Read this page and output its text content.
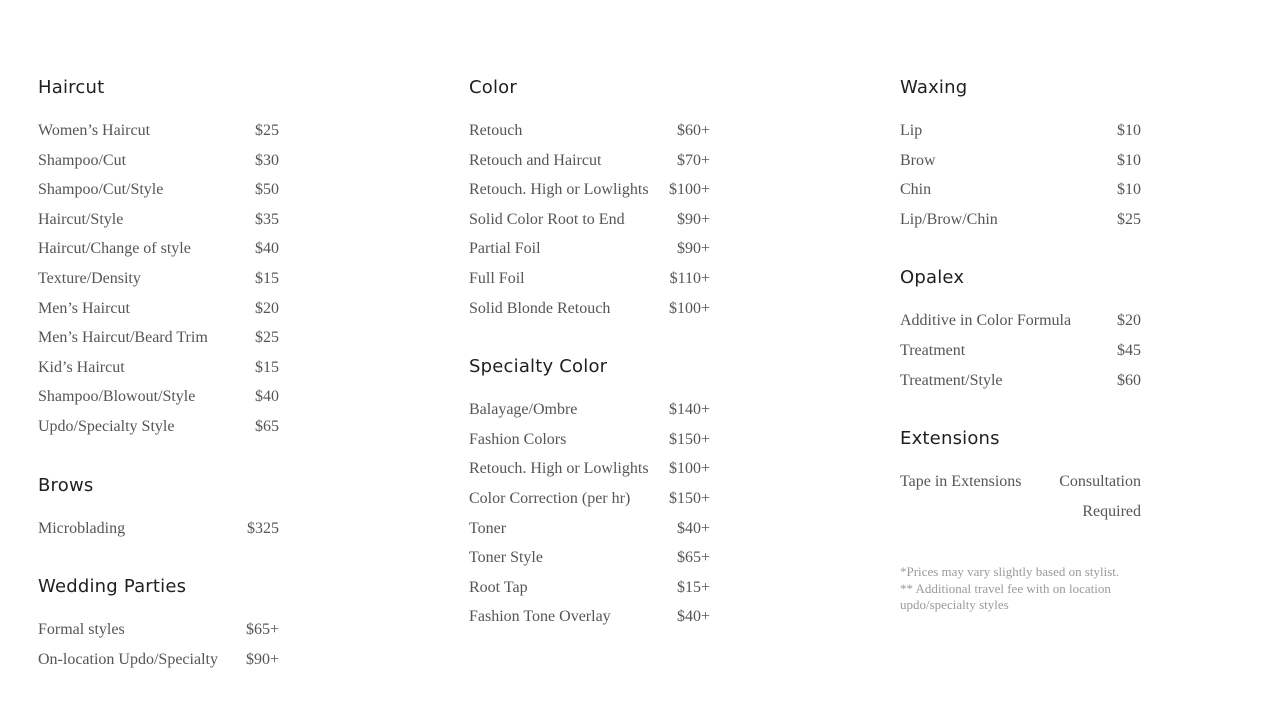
Haircut
Women’s Haircut	$25
Shampoo/Cut	$30
Shampoo/Cut/Style	$50
Haircut/Style	$35
Haircut/Change of style	$40
Texture/Density	$15
Men’s Haircut	$20
Men’s Haircut/Beard Trim	$25
Kid’s Haircut	$15
Shampoo/Blowout/Style	$40
Updo/Specialty Style	$65
Brows
Microblading	$325
Wedding Parties
Formal styles	$65+
On-location Updo/Specialty	$90+
Color
Retouch	$60+
Retouch and Haircut	$70+
Retouch. High or Lowlights	$100+
Solid Color Root to End	$90+
Partial Foil	$90+
Full Foil	$110+
Solid Blonde Retouch	$100+
Specialty Color
Balayage/Ombre	$140+
Fashion Colors	$150+
Retouch. High or Lowlights	$100+
Color Correction (per hr)	$150+
Toner	$40+
Toner Style	$65+
Root Tap	$15+
Fashion Tone Overlay	$40+
Waxing
Lip	$10
Brow	$10
Chin	$10
Lip/Brow/Chin	$25
Opalex
Additive in Color Formula	$20
Treatment	$45
Treatment/Style	$60
Extensions
Tape in Extensions	Consultation Required
*Prices may vary slightly based on stylist.
** Additional travel fee with on location updo/specialty styles
